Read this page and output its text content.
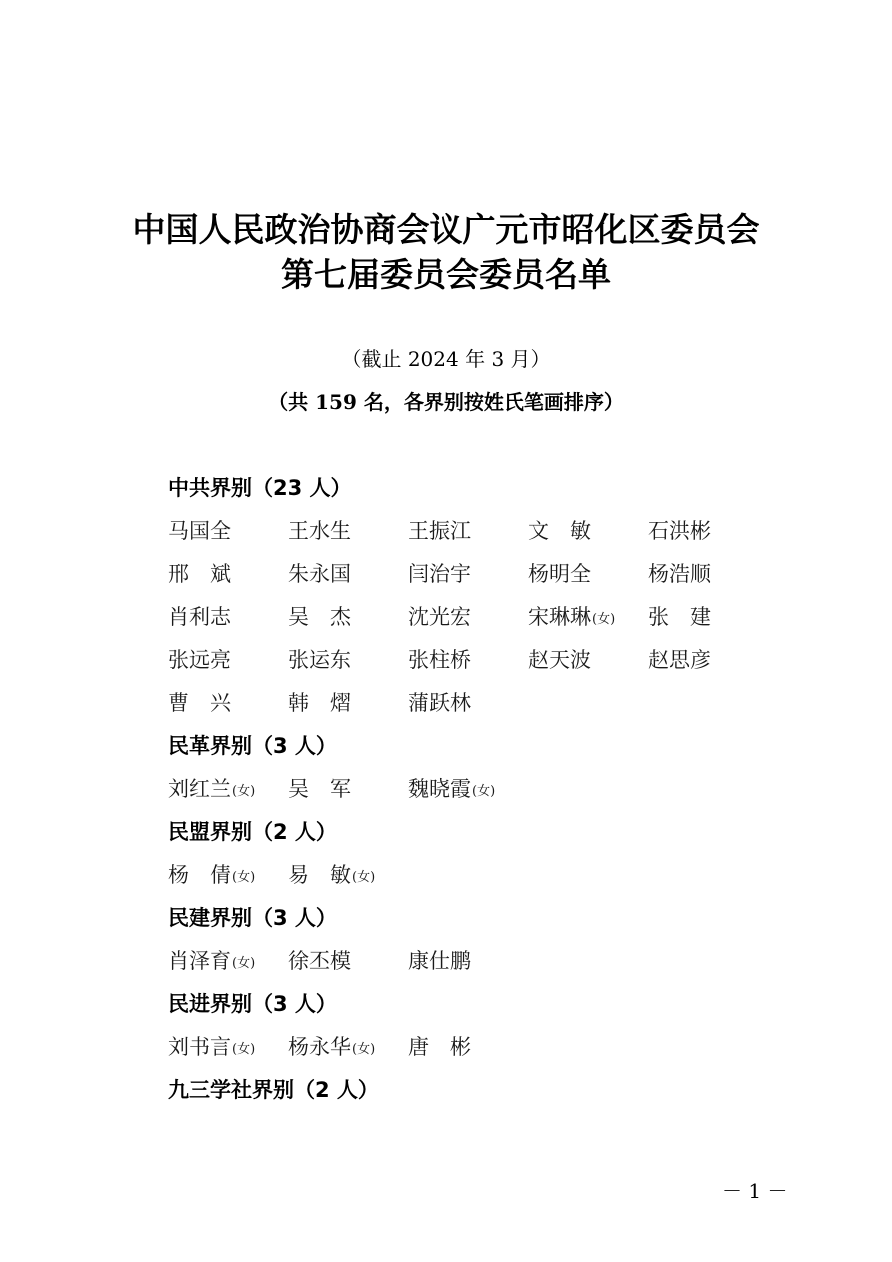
中国人民政治协商会议广元市昭化区委员会
第七届委员会委员名单
（截止 2024 年 3 月）
（共 159 名，各界别按姓氏笔画排序）
中共界别（23 人）
马国全	王水生	王振江	文　敏	石洪彬
邢　斌	朱永国	闫治宇	杨明全	杨浩顺
肖利志	吴　杰	沈光宏	宋琳琳(女) 张　建
张远亮	张运东	张柱桥	赵天波	赵思彦
曹　兴	韩　熠	蒲跃林
民革界别（3 人）
刘红兰(女) 吴　军	魏晓霞(女)
民盟界别（2 人）
杨　倩(女) 易　敏(女)
民建界别（3 人）
肖泽育(女) 徐丕模	康仕鹏
民进界别（3 人）
刘书言(女) 杨永华(女) 唐　彬
九三学社界别（2 人）
－ 1 －
